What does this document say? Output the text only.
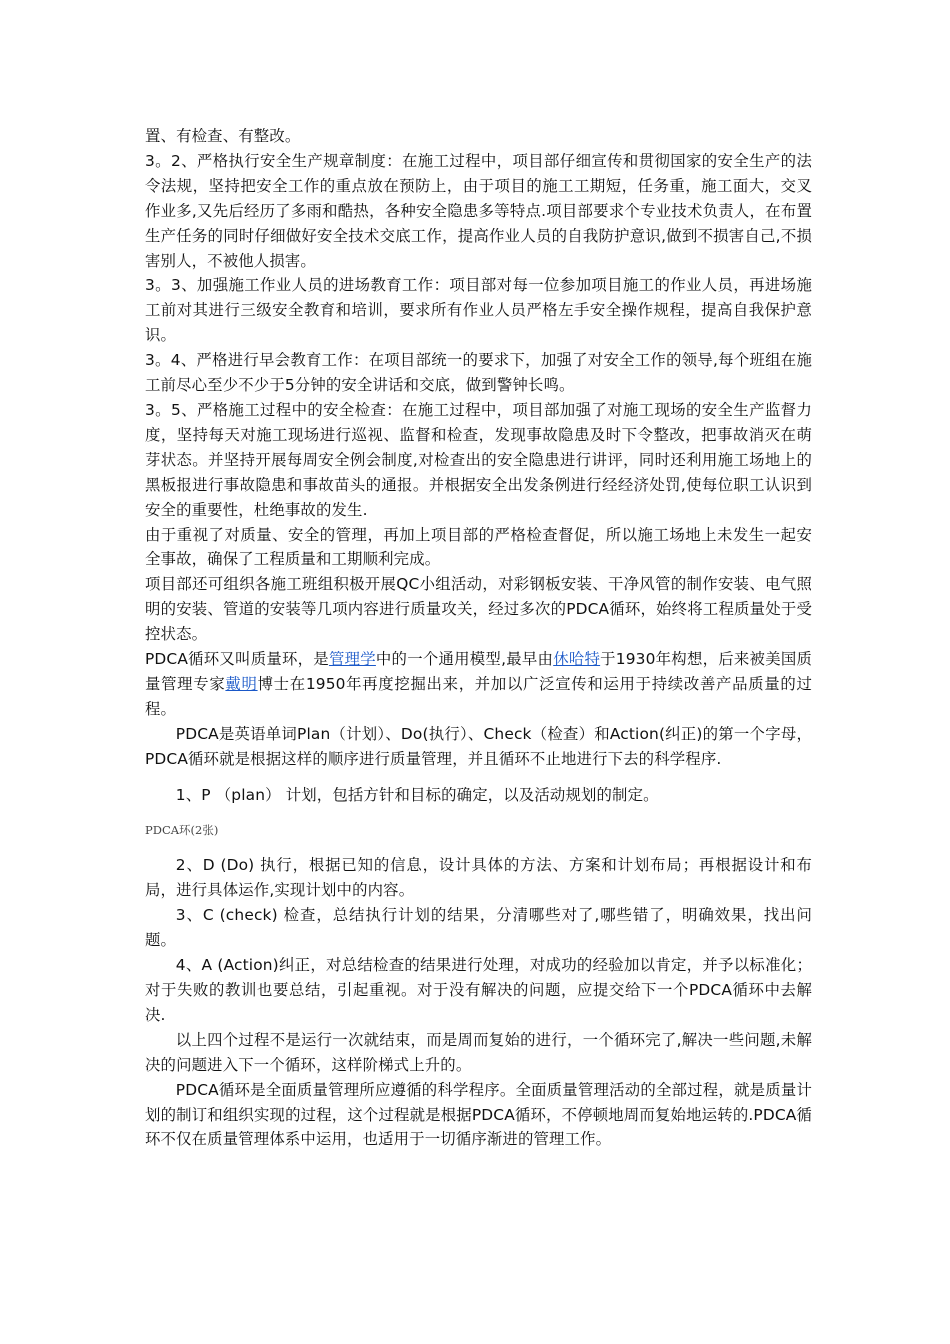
置、有检查、有整改。

3。2、严格执行安全生产规章制度：在施工过程中，项目部仔细宣传和贯彻国家的安全生产的法令法规，坚持把安全工作的重点放在预防上，由于项目的施工工期短，任务重，施工面大，交叉作业多,又先后经历了多雨和酷热，各种安全隐患多等特点.项目部要求个专业技术负责人，在布置生产任务的同时仔细做好安全技术交底工作，提高作业人员的自我防护意识,做到不损害自己,不损害别人，不被他人损害。

3。3、加强施工作业人员的进场教育工作：项目部对每一位参加项目施工的作业人员，再进场施工前对其进行三级安全教育和培训，要求所有作业人员严格左手安全操作规程，提高自我保护意识。

3。4、严格进行早会教育工作：在项目部统一的要求下，加强了对安全工作的领导,每个班组在施工前尽心至少不少于5分钟的安全讲话和交底，做到警钟长鸣。

3。5、严格施工过程中的安全检查：在施工过程中，项目部加强了对施工现场的安全生产监督力度，坚持每天对施工现场进行巡视、监督和检查，发现事故隐患及时下令整改，把事故消灭在萌芽状态。并坚持开展每周安全例会制度,对检查出的安全隐患进行讲评，同时还利用施工场地上的黑板报进行事故隐患和事故苗头的通报。并根据安全出发条例进行经经济处罚,使每位职工认识到安全的重要性，杜绝事故的发生.

由于重视了对质量、安全的管理，再加上项目部的严格检查督促，所以施工场地上未发生一起安全事故，确保了工程质量和工期顺利完成。

项目部还可组织各施工班组积极开展QC小组活动，对彩钢板安装、干净风管的制作安装、电气照明的安装、管道的安装等几项内容进行质量攻关，经过多次的PDCA循环，始终将工程质量处于受控状态。

PDCA循环又叫质量环，是管理学中的一个通用模型,最早由休哈特于1930年构想，后来被美国质量管理专家戴明博士在1950年再度挖掘出来，并加以广泛宣传和运用于持续改善产品质量的过程。

PDCA是英语单词Plan（计划）、Do(执行）、Check（检查）和Action(纠正)的第一个字母，PDCA循环就是根据这样的顺序进行质量管理，并且循环不止地进行下去的科学程序.

1、P （plan） 计划，包括方针和目标的确定，以及活动规划的制定。

PDCA环(2张)

2、D (Do) 执行，根据已知的信息，设计具体的方法、方案和计划布局；再根据设计和布局，进行具体运作,实现计划中的内容。

3、C (check) 检查，总结执行计划的结果，分清哪些对了,哪些错了，明确效果，找出问题。

4、A (Action)纠正，对总结检查的结果进行处理，对成功的经验加以肯定，并予以标准化；对于失败的教训也要总结，引起重视。对于没有解决的问题，应提交给下一个PDCA循环中去解决.

以上四个过程不是运行一次就结束，而是周而复始的进行，一个循环完了,解决一些问题,未解决的问题进入下一个循环，这样阶梯式上升的。

PDCA循环是全面质量管理所应遵循的科学程序。全面质量管理活动的全部过程，就是质量计划的制订和组织实现的过程，这个过程就是根据PDCA循环，不停顿地周而复始地运转的.PDCA循环不仅在质量管理体系中运用，也适用于一切循序渐进的管理工作。
